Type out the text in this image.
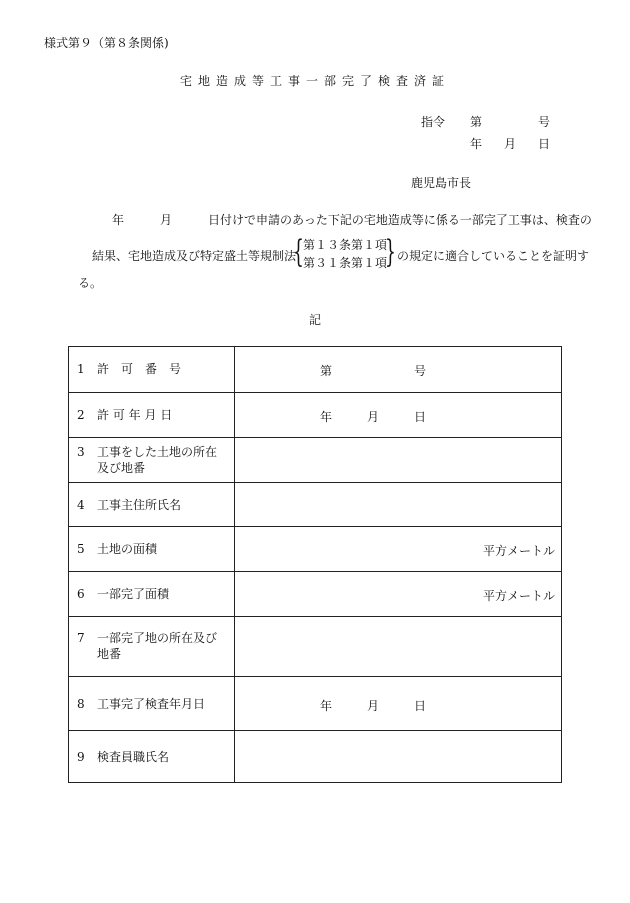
様式第９（第８条関係)
宅地造成等工事一部完了検査済証
指令 第	号
年 月 日
鹿児島市長
年	月	日付けで申請のあった下記の宅地造成等に係る一部完了工事は、検査の
結果、宅地造成及び特定盛土等規制法
{ 第１３条第１項
第３１条第１項
} の規定に適合していることを証明す
る。
記
1 許　可　番　号	第	号
2 許 可 年 月 日	年	月	日
3 工事をした土地の所在及び地番
4 工事主住所氏名
5 土地の面積	平方メートル
6 一部完了面積	平方メートル
7 一部完了地の所在及び地番
8 工事完了検査年月日	年	月	日
9 検査員職氏名
